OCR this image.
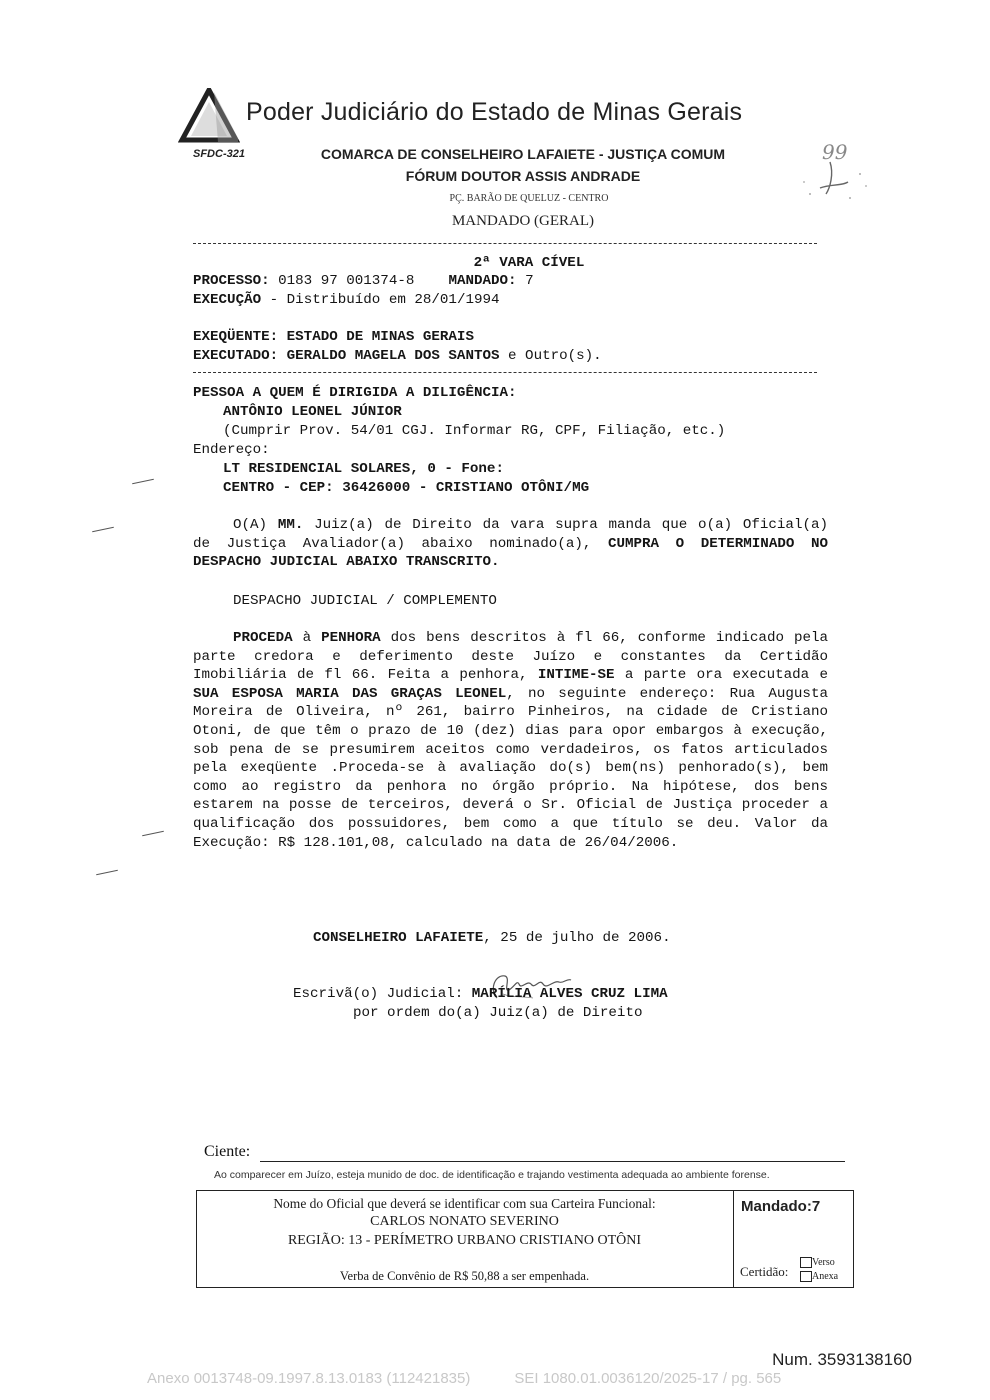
Poder Judiciário do Estado de Minas Gerais
SFDC-321	COMARCA DE CONSELHEIRO LAFAIETE - JUSTIÇA COMUM
FÓRUM DOUTOR ASSIS ANDRADE
PÇ. BARÃO DE QUELUZ - CENTRO
MANDADO (GERAL)
99
2ª VARA CÍVEL
PROCESSO: 0183 97 001374-8 MANDADO: 7
EXECUÇÃO - Distribuído em 28/01/1994
EXEQÜENTE: ESTADO DE MINAS GERAIS
EXECUTADO: GERALDO MAGELA DOS SANTOS e Outro(s).
PESSOA A QUEM É DIRIGIDA A DILIGÊNCIA:
ANTÔNIO LEONEL JÚNIOR
(Cumprir Prov. 54/01 CGJ. Informar RG, CPF, Filiação, etc.)
Endereço:
LT RESIDENCIAL SOLARES, 0 - Fone:
CENTRO - CEP: 36426000 - CRISTIANO OTÔNI/MG

O(A) MM. Juiz(a) de Direito da vara supra manda que o(a) Oficial(a) de Justiça Avaliador(a) abaixo nominado(a), CUMPRA O DETERMINADO NO DESPACHO JUDICIAL ABAIXO TRANSCRITO.

DESPACHO JUDICIAL / COMPLEMENTO

PROCEDA à PENHORA dos bens descritos à fl 66, conforme indicado pela parte credora e deferimento deste Juízo e constantes da Certidão Imobiliária de fl 66. Feita a penhora, INTIME-SE a parte ora executada e SUA ESPOSA MARIA DAS GRAÇAS LEONEL, no seguinte endereço: Rua Augusta Moreira de Oliveira, nº 261, bairro Pinheiros, na cidade de Cristiano Otoni, de que têm o prazo de 10 (dez) dias para opor embargos à execução, sob pena de se presumirem aceitos como verdadeiros, os fatos articulados pela exeqüente .Proceda-se à avaliação do(s) bem(ns) penhorado(s), bem como ao registro da penhora no órgão próprio. Na hipótese, dos bens estarem na posse de terceiros, deverá o Sr. Oficial de Justiça proceder a qualificação dos possuidores, bem como a que título se deu. Valor da Execução: R$ 128.101,08, calculado na data de 26/04/2006.

CONSELHEIRO LAFAIETE, 25 de julho de 2006.
Escrivã(o) Judicial: MARÍLIA ALVES CRUZ LIMA
por ordem do(a) Juiz(a) de Direito
Ciente:
Ao comparecer em Juízo, esteja munido de doc. de identificação e trajando vestimenta adequada ao ambiente forense.
Nome do Oficial que deverá se identificar com sua Carteira Funcional:
CARLOS NONATO SEVERINO
REGIÃO: 13 - PERÍMETRO URBANO CRISTIANO OTÔNI
Verba de Convênio de R$ 50,88 a ser empenhada.
Mandado:7
Certidão:
Verso
Anexa
Num. 3593138160
Anexo 0013748-09.1997.8.13.0183 (112421835)	SEI 1080.01.0036120/2025-17 / pg. 565
